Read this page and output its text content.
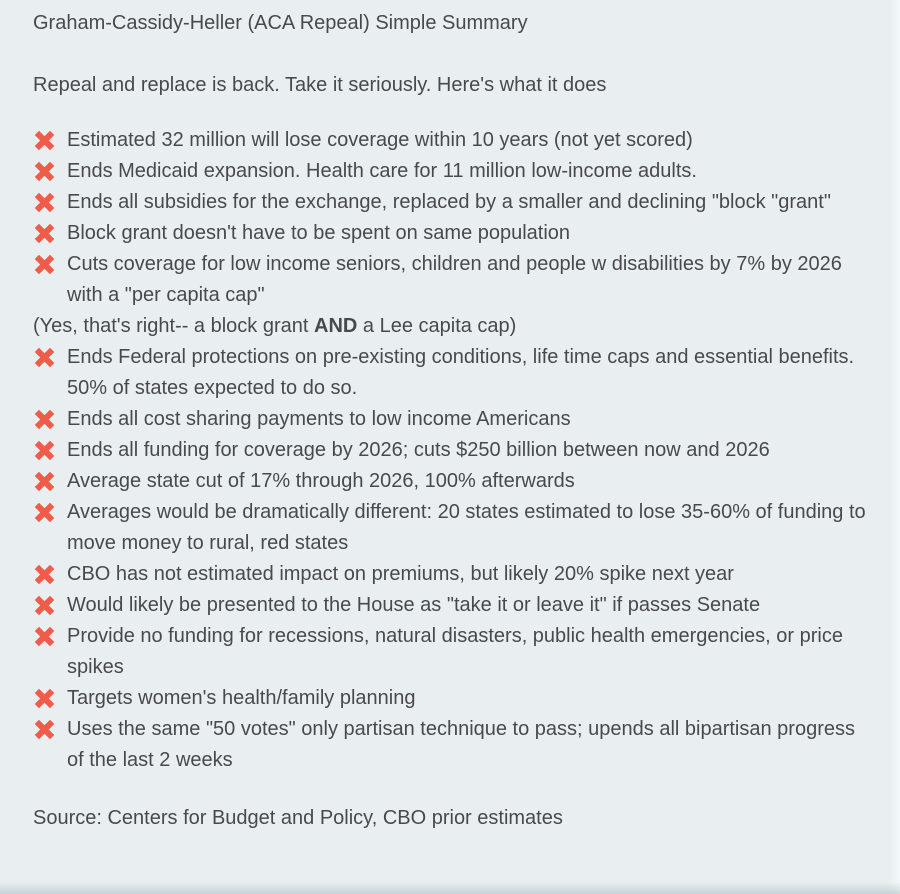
Graham-Cassidy-Heller (ACA Repeal) Simple Summary

Repeal and replace is back. Take it seriously. Here's what it does

Estimated 32 million will lose coverage within 10 years (not yet scored)

Ends Medicaid expansion. Health care for 11 million low-income adults.

Ends all subsidies for the exchange, replaced by a smaller and declining "block "grant"

Block grant doesn't have to be spent on same population

Cuts coverage for low income seniors, children and people w disabilities by 7% by 2026 with a "per capita cap"

(Yes, that's right-- a block grant AND a Lee capita cap)

Ends Federal protections on pre-existing conditions, life time caps and essential benefits. 50% of states expected to do so.

Ends all cost sharing payments to low income Americans

Ends all funding for coverage by 2026; cuts $250 billion between now and 2026

Average state cut of 17% through 2026, 100% afterwards

Averages would be dramatically different: 20 states estimated to lose 35-60% of funding to move money to rural, red states

CBO has not estimated impact on premiums, but likely 20% spike next year

Would likely be presented to the House as "take it or leave it" if passes Senate

Provide no funding for recessions, natural disasters, public health emergencies, or price spikes

Targets women's health/family planning

Uses the same "50 votes" only partisan technique to pass; upends all bipartisan progress of the last 2 weeks

Source: Centers for Budget and Policy, CBO prior estimates
